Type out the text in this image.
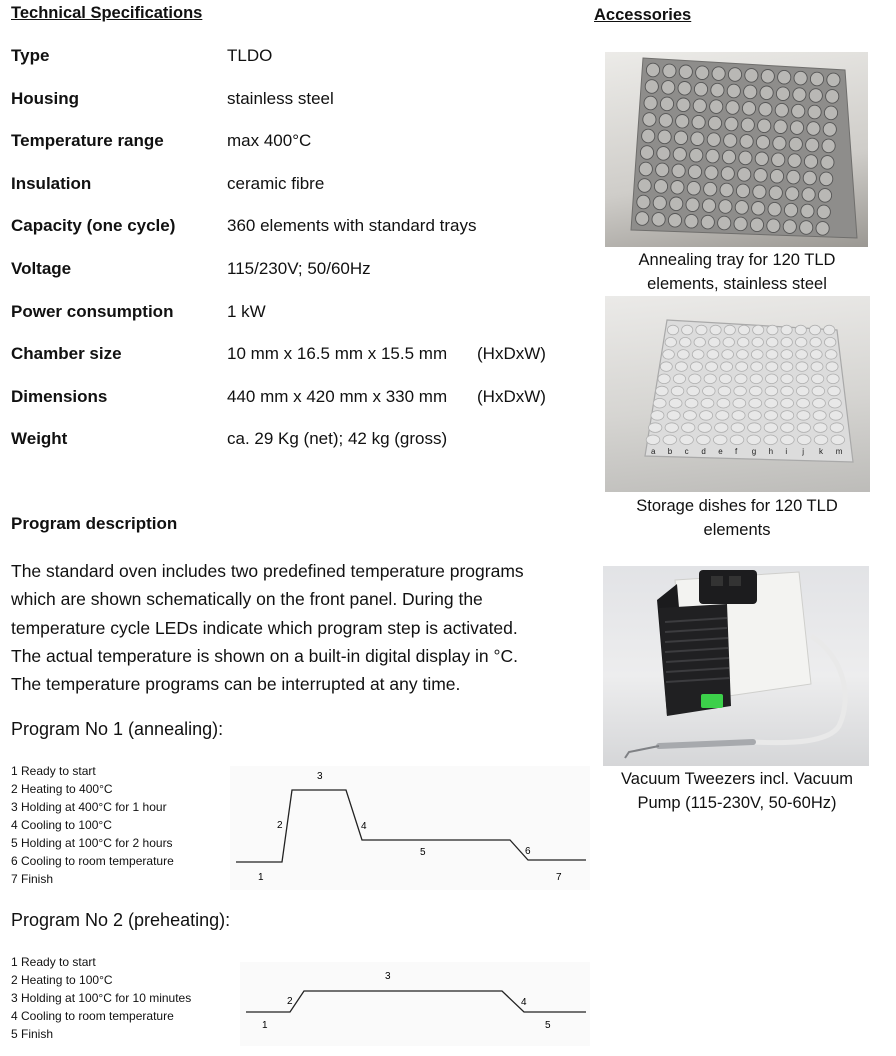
Technical Specifications
Type	TLDO
Housing	stainless steel
Temperature range	max 400°C
Insulation	ceramic fibre
Capacity (one cycle)	360 elements with standard trays
Voltage	115/230V; 50/60Hz
Power consumption	1 kW
Chamber size	10 mm x 16.5 mm x 15.5 mm (HxDxW)
Dimensions	440 mm x 420 mm x 330 mm (HxDxW)
Weight	ca. 29 Kg (net); 42 kg (gross)
Program description
The standard oven includes two predefined temperature programs
which are shown schematically on the front panel. During the
temperature cycle LEDs indicate which program step is activated.
The actual temperature is shown on a built-in digital display in °C.
The temperature programs can be interrupted at any time.
Program No 1 (annealing):
1 Ready to start
2 Heating to 400°C
3 Holding at 400°C for 1 hour
4 Cooling to 100°C
5 Holding at 100°C for 2 hours
6 Cooling to room temperature
7 Finish	1
2
3
4
5	6
7
Program No 2 (preheating):
1 Ready to start
2 Heating to 100°C
3 Holding at 100°C for 10 minutes
4 Cooling to room temperature
5 Finish
1
2
3
4
5
Accessories
Annealing tray for 120 TLD
elements, stainless steel
a b c d e f g h i j k m
Storage dishes for 120 TLD
elements
Vacuum Tweezers incl. Vacuum
Pump (115-230V, 50-60Hz)
